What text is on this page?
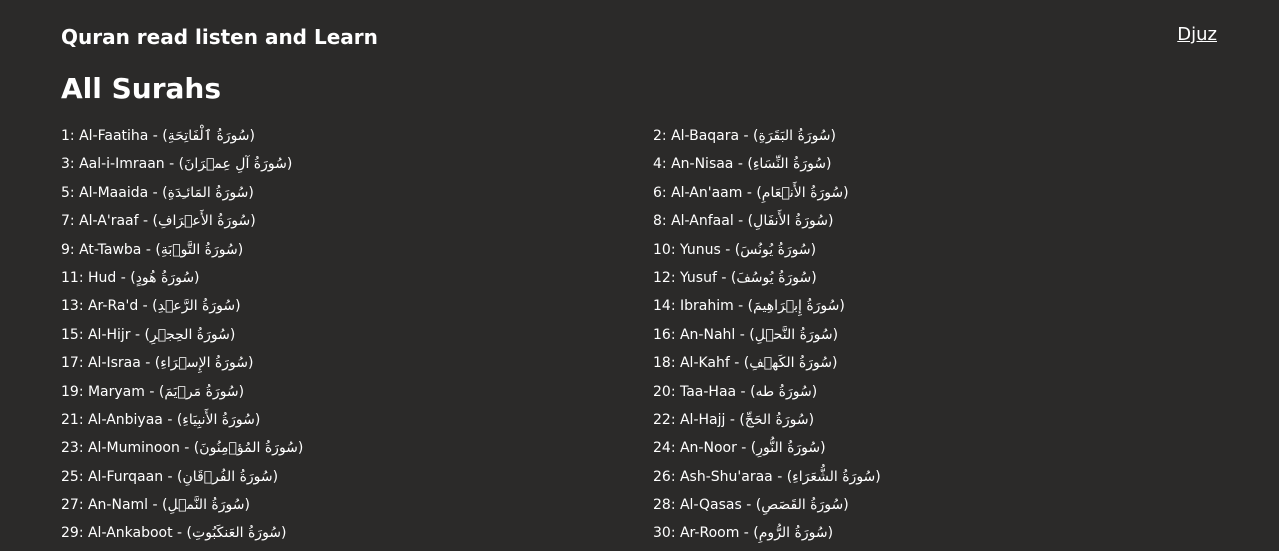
Quran read listen and Learn	Djuz
All Surahs
1: Al-Faatiha - (سُورَةُ ٱلْفَاتِحَةِ)	2: Al-Baqara - (سُورَةُ البَقَرَةِ)
3: Aal-i-Imraan - (سُورَةُ آلِ عِمۡرَانَ)	4: An-Nisaa - (سُورَةُ النِّسَاءِ)
5: Al-Maaida - (سُورَةُ المَائـِدَةِ)	6: Al-An'aam - (سُورَةُ الأَنۡعَامِ)
7: Al-A'raaf - (سُورَةُ الأَعۡرَافِ)	8: Al-Anfaal - (سُورَةُ الأَنفَالِ)
9: At-Tawba - (سُورَةُ التَّوۡبَةِ)	10: Yunus - (سُورَةُ يُونُسَ)
11: Hud - (سُورَةُ هُودٍ)	12: Yusuf - (سُورَةُ يُوسُفَ)
13: Ar-Ra'd - (سُورَةُ الرَّعۡدِ)	14: Ibrahim - (سُورَةُ إِبۡرَاهِيمَ)
15: Al-Hijr - (سُورَةُ الحِجۡرِ)	16: An-Nahl - (سُورَةُ النَّحۡلِ)
17: Al-Israa - (سُورَةُ الإِسۡرَاءِ)	18: Al-Kahf - (سُورَةُ الكَهۡفِ)
19: Maryam - (سُورَةُ مَرۡيَمَ)	20: Taa-Haa - (سُورَةُ طه)
21: Al-Anbiyaa - (سُورَةُ الأَنبِيَاءِ)	22: Al-Hajj - (سُورَةُ الحَجِّ)
23: Al-Muminoon - (سُورَةُ المُؤۡمِنُونَ)	24: An-Noor - (سُورَةُ النُّورِ)
25: Al-Furqaan - (سُورَةُ الفُرۡقَانِ)	26: Ash-Shu'araa - (سُورَةُ الشُّعَرَاءِ)
27: An-Naml - (سُورَةُ النَّمۡلِ)	28: Al-Qasas - (سُورَةُ القَصَصِ)
29: Al-Ankaboot - (سُورَةُ العَنكَبُوتِ)	30: Ar-Room - (سُورَةُ الرُّومِ)
